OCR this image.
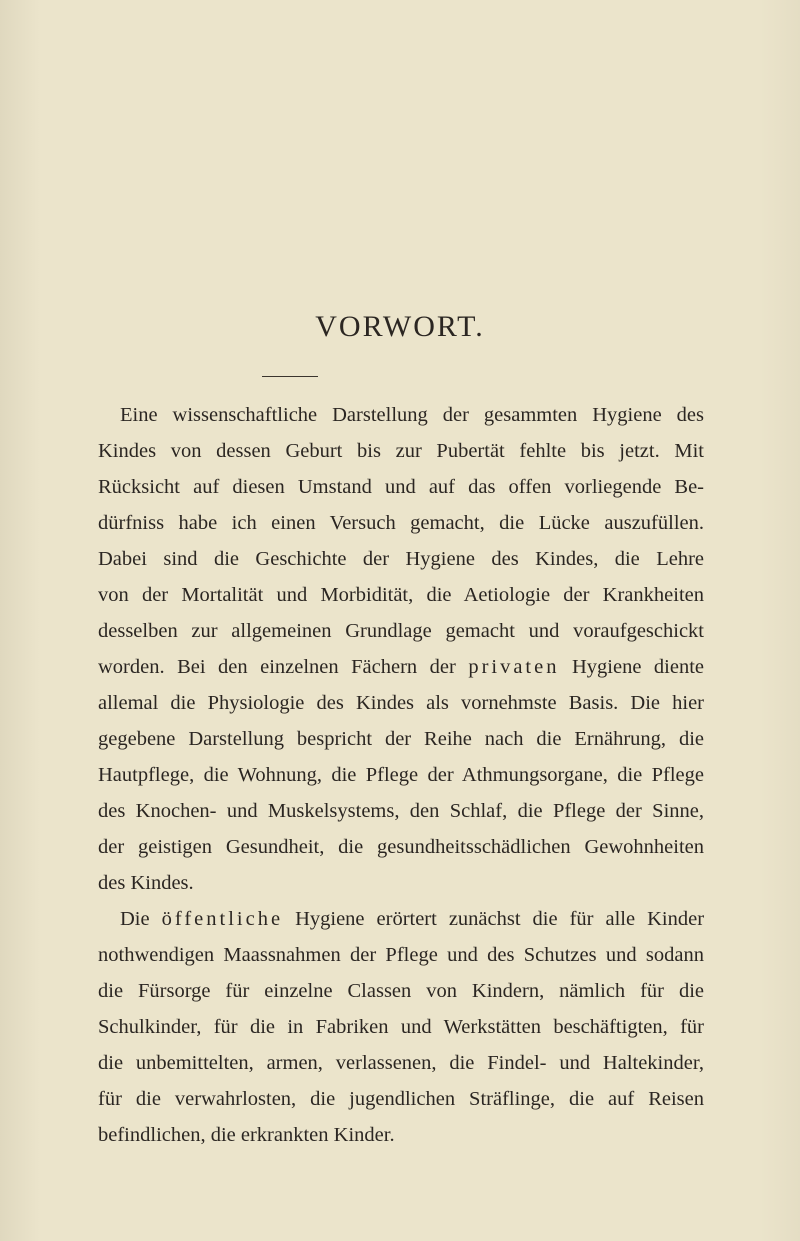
VORWORT.
Eine wissenschaftliche Darstellung der gesammten Hygiene des
Kindes von dessen Geburt bis zur Pubertät fehlte bis jetzt. Mit
Rücksicht auf diesen Umstand und auf das offen vorliegende Be-
dürfniss habe ich einen Versuch gemacht, die Lücke auszufüllen.
Dabei sind die Geschichte der Hygiene des Kindes, die Lehre
von der Mortalität und Morbidität, die Aetiologie der Krankheiten
desselben zur allgemeinen Grundlage gemacht und voraufgeschickt
worden. Bei den einzelnen Fächern der privaten Hygiene diente
allemal die Physiologie des Kindes als vornehmste Basis. Die hier
gegebene Darstellung bespricht der Reihe nach die Ernährung, die
Hautpflege, die Wohnung, die Pflege der Athmungsorgane, die Pflege
des Knochen- und Muskelsystems, den Schlaf, die Pflege der Sinne,
der geistigen Gesundheit, die gesundheitsschädlichen Gewohnheiten
des Kindes.
Die öffentliche Hygiene erörtert zunächst die für alle Kinder
nothwendigen Maassnahmen der Pflege und des Schutzes und sodann
die Fürsorge für einzelne Classen von Kindern, nämlich für die
Schulkinder, für die in Fabriken und Werkstätten beschäftigten, für
die unbemittelten, armen, verlassenen, die Findel- und Haltekinder,
für die verwahrlosten, die jugendlichen Sträflinge, die auf Reisen
befindlichen, die erkrankten Kinder.
